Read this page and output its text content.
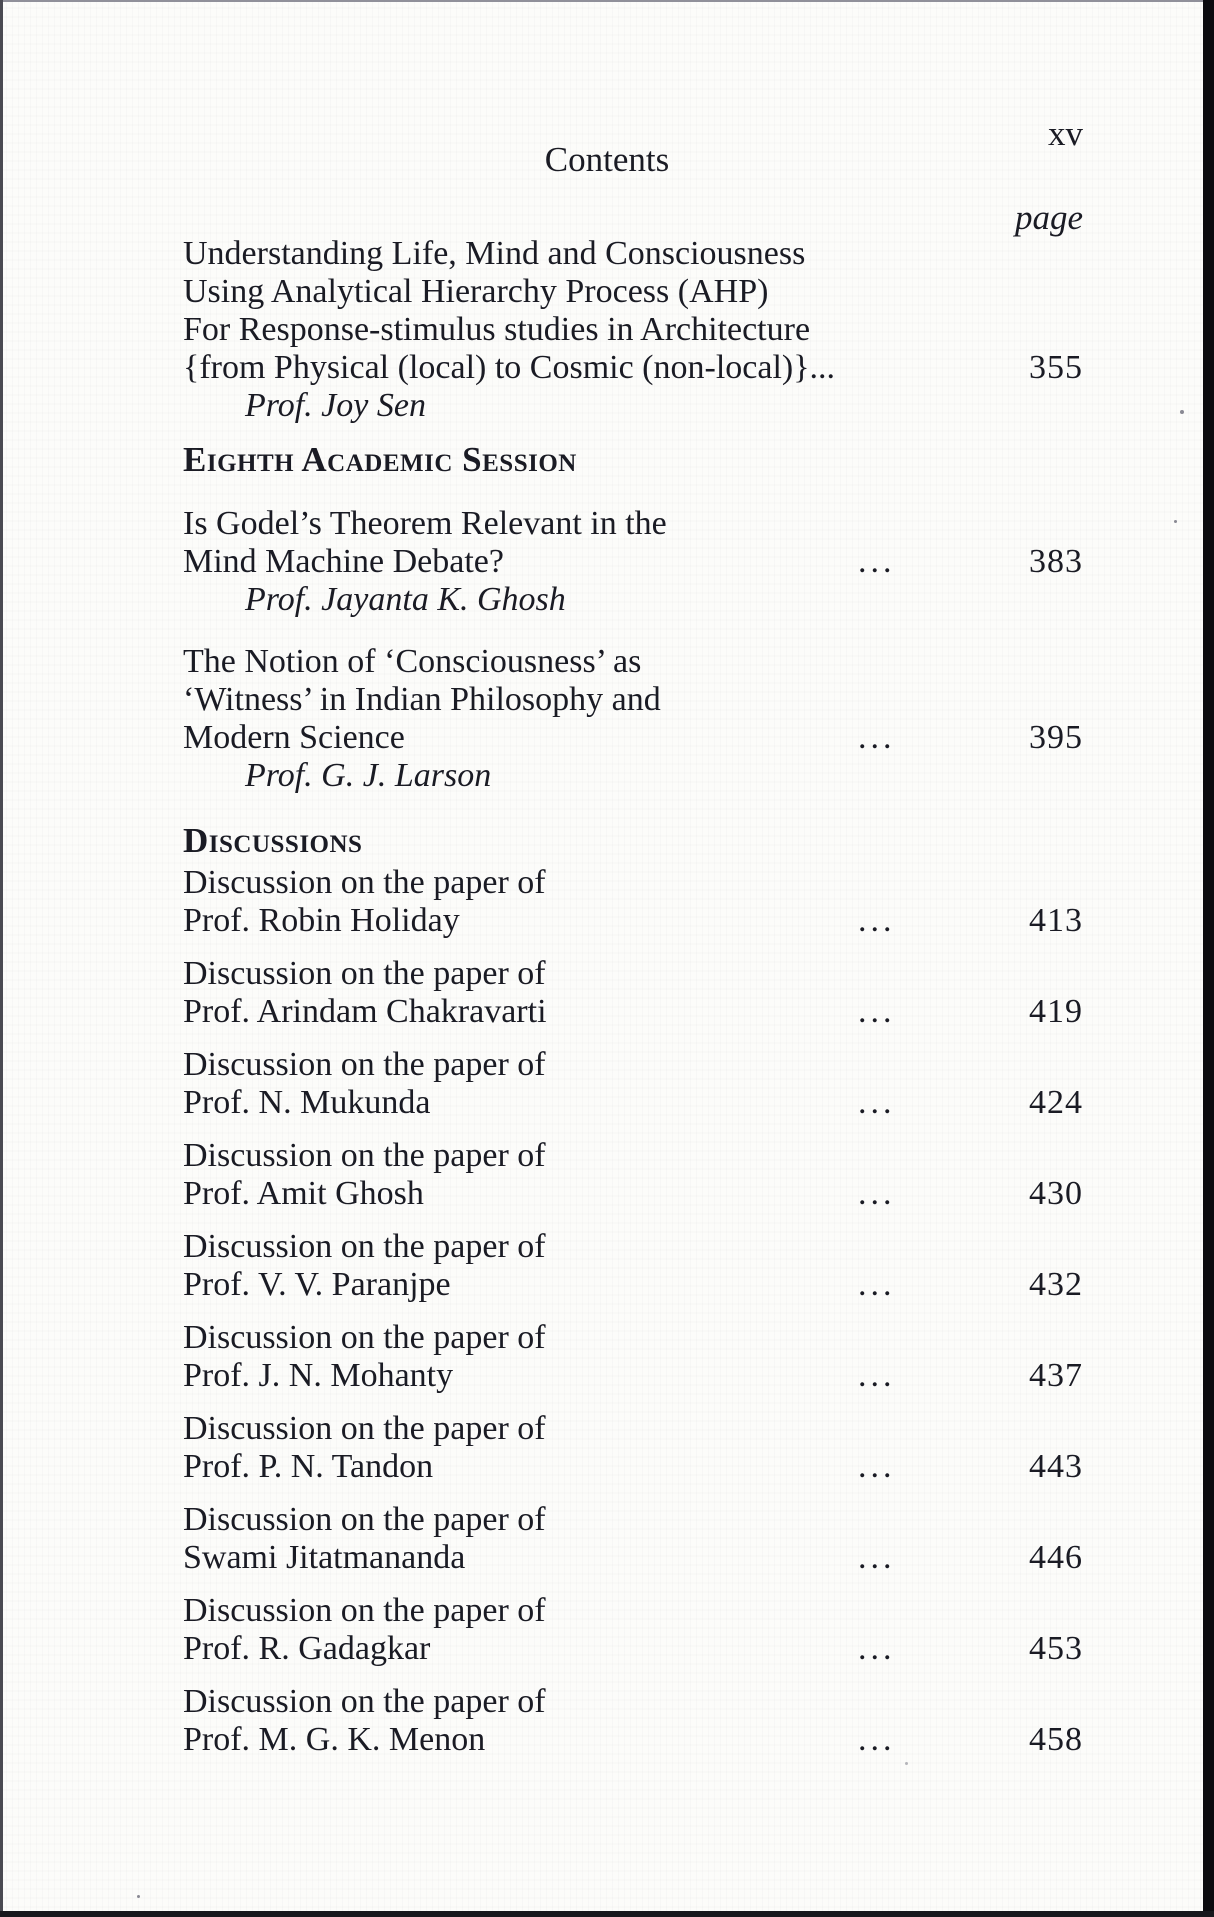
Contents
xv
page
Understanding Life, Mind and Consciousness
Using Analytical Hierarchy Process (AHP)
For Response-stimulus studies in Architecture
{from Physical (local) to Cosmic (non-local)}...	355
Prof. Joy Sen
Eighth Academic Session
Is Godel’s Theorem Relevant in the
Mind Machine Debate?	...	383
Prof. Jayanta K. Ghosh
The Notion of ‘Consciousness’ as
‘Witness’ in Indian Philosophy and
Modern Science	...	395
Prof. G. J. Larson
Discussions
Discussion on the paper of
Prof. Robin Holiday	...	413
Discussion on the paper of
Prof. Arindam Chakravarti	...	419
Discussion on the paper of
Prof. N. Mukunda	...	424
Discussion on the paper of
Prof. Amit Ghosh	...	430
Discussion on the paper of
Prof. V. V. Paranjpe	...	432
Discussion on the paper of
Prof. J. N. Mohanty	...	437
Discussion on the paper of
Prof. P. N. Tandon	...	443
Discussion on the paper of
Swami Jitatmananda	...	446
Discussion on the paper of
Prof. R. Gadagkar	...	453
Discussion on the paper of
Prof. M. G. K. Menon	...	458
